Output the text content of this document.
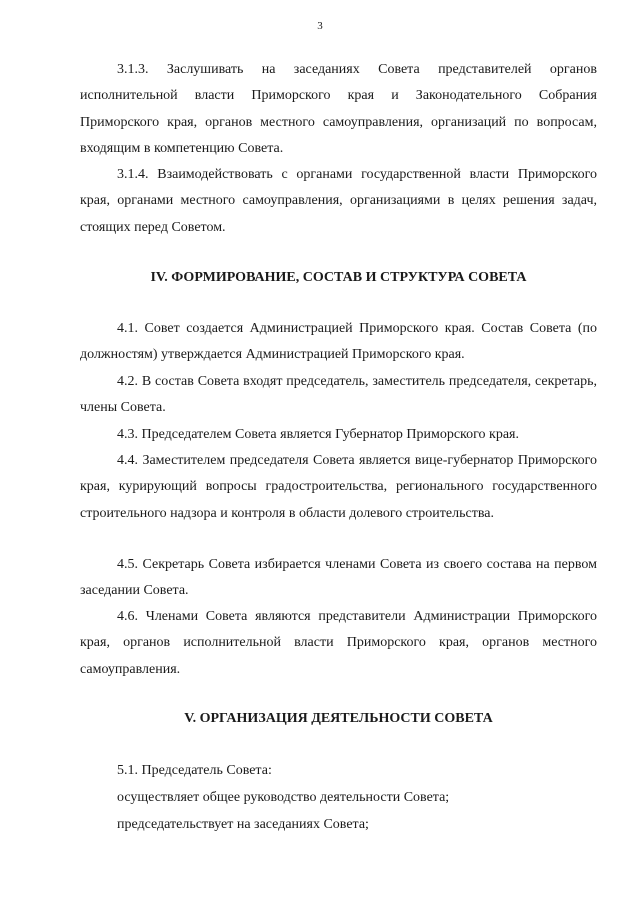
3

3.1.3. Заслушивать на заседаниях Совета представителей органов исполнительной власти Приморского края и Законодательного Собрания Приморского края, органов местного самоуправления, организаций по вопросам, входящим в компетенцию Совета.

3.1.4. Взаимодействовать с органами государственной власти Приморского края, органами местного самоуправления, организациями в целях решения задач, стоящих перед Советом.

IV. ФОРМИРОВАНИЕ, СОСТАВ И СТРУКТУРА СОВЕТА

4.1. Совет создается Администрацией Приморского края. Состав Совета (по должностям) утверждается Администрацией Приморского края.

4.2. В состав Совета входят председатель, заместитель председателя, секретарь, члены Совета.

4.3. Председателем Совета является Губернатор Приморского края.

4.4. Заместителем председателя Совета является вице-губернатор Приморского края, курирующий вопросы градостроительства, регионального государственного строительного надзора и контроля в области долевого строительства.

4.5. Секретарь Совета избирается членами Совета из своего состава на первом заседании Совета.

4.6. Членами Совета являются представители Администрации Приморского края, органов исполнительной власти Приморского края, органов местного самоуправления.

V. ОРГАНИЗАЦИЯ ДЕЯТЕЛЬНОСТИ СОВЕТА

5.1. Председатель Совета:

осуществляет общее руководство деятельности Совета;

председательствует на заседаниях Совета;
